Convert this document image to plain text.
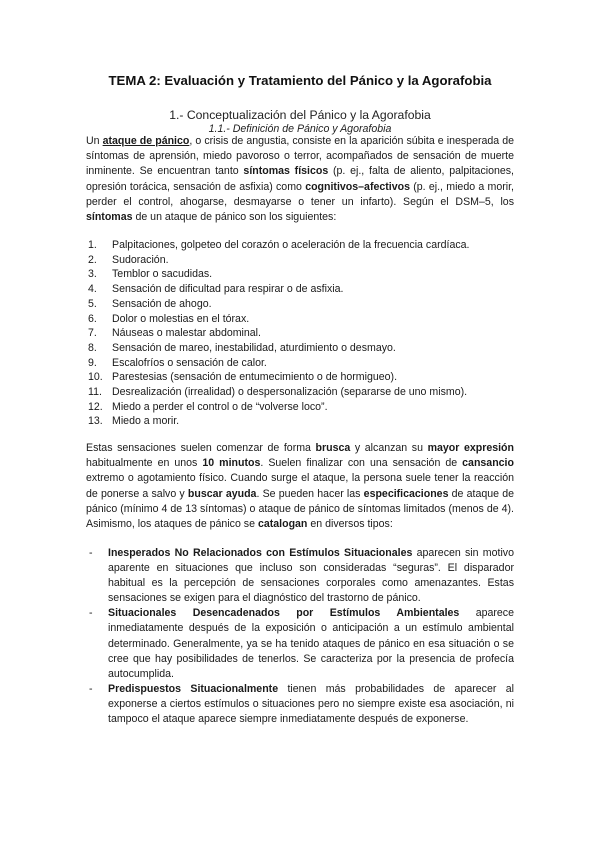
TEMA 2: Evaluación y Tratamiento del Pánico y la Agorafobia
1.- Conceptualización del Pánico y la Agorafobia
1.1.- Definición de Pánico y Agorafobia

Un ataque de pánico, o crisis de angustia, consiste en la aparición súbita e inesperada de síntomas de aprensión, miedo pavoroso o terror, acompañados de sensación de muerte inminente. Se encuentran tanto síntomas físicos (p. ej., falta de aliento, palpitaciones, opresión torácica, sensación de asfixia) como cognitivos–afectivos (p. ej., miedo a morir, perder el control, ahogarse, desmayarse o tener un infarto). Según el DSM–5, los síntomas de un ataque de pánico son los siguientes:

1.	Palpitaciones, golpeteo del corazón o aceleración de la frecuencia cardíaca.
2.	Sudoración.
3.	Temblor o sacudidas.
4.	Sensación de dificultad para respirar o de asfixia.
5.	Sensación de ahogo.
6.	Dolor o molestias en el tórax.
7.	Náuseas o malestar abdominal.
8.	Sensación de mareo, inestabilidad, aturdimiento o desmayo.
9.	Escalofríos o sensación de calor.
10. Parestesias (sensación de entumecimiento o de hormigueo).
11. Desrealización (irrealidad) o despersonalización (separarse de uno mismo).
12. Miedo a perder el control o de “volverse loco”.
13. Miedo a morir.

Estas sensaciones suelen comenzar de forma brusca y alcanzan su mayor expresión habitualmente en unos 10 minutos. Suelen finalizar con una sensación de cansancio extremo o agotamiento físico. Cuando surge el ataque, la persona suele tener la reacción de ponerse a salvo y buscar ayuda. Se pueden hacer las especificaciones de ataque de pánico (mínimo 4 de 13 síntomas) o ataque de pánico de síntomas limitados (menos de 4). Asimismo, los ataques de pánico se catalogan en diversos tipos:

- Inesperados No Relacionados con Estímulos Situacionales aparecen sin motivo aparente en situaciones que incluso son consideradas “seguras”. El disparador habitual es la percepción de sensaciones corporales como amenazantes. Estas sensaciones se exigen para el diagnóstico del trastorno de pánico.
- Situacionales Desencadenados por Estímulos Ambientales aparece inmediatamente después de la exposición o anticipación a un estímulo ambiental determinado. Generalmente, ya se ha tenido ataques de pánico en esa situación o se cree que hay posibilidades de tenerlos. Se caracteriza por la presencia de profecía autocumplida.
- Predispuestos Situacionalmente tienen más probabilidades de aparecer al exponerse a ciertos estímulos o situaciones pero no siempre existe esa asociación, ni tampoco el ataque aparece siempre inmediatamente después de exponerse.
